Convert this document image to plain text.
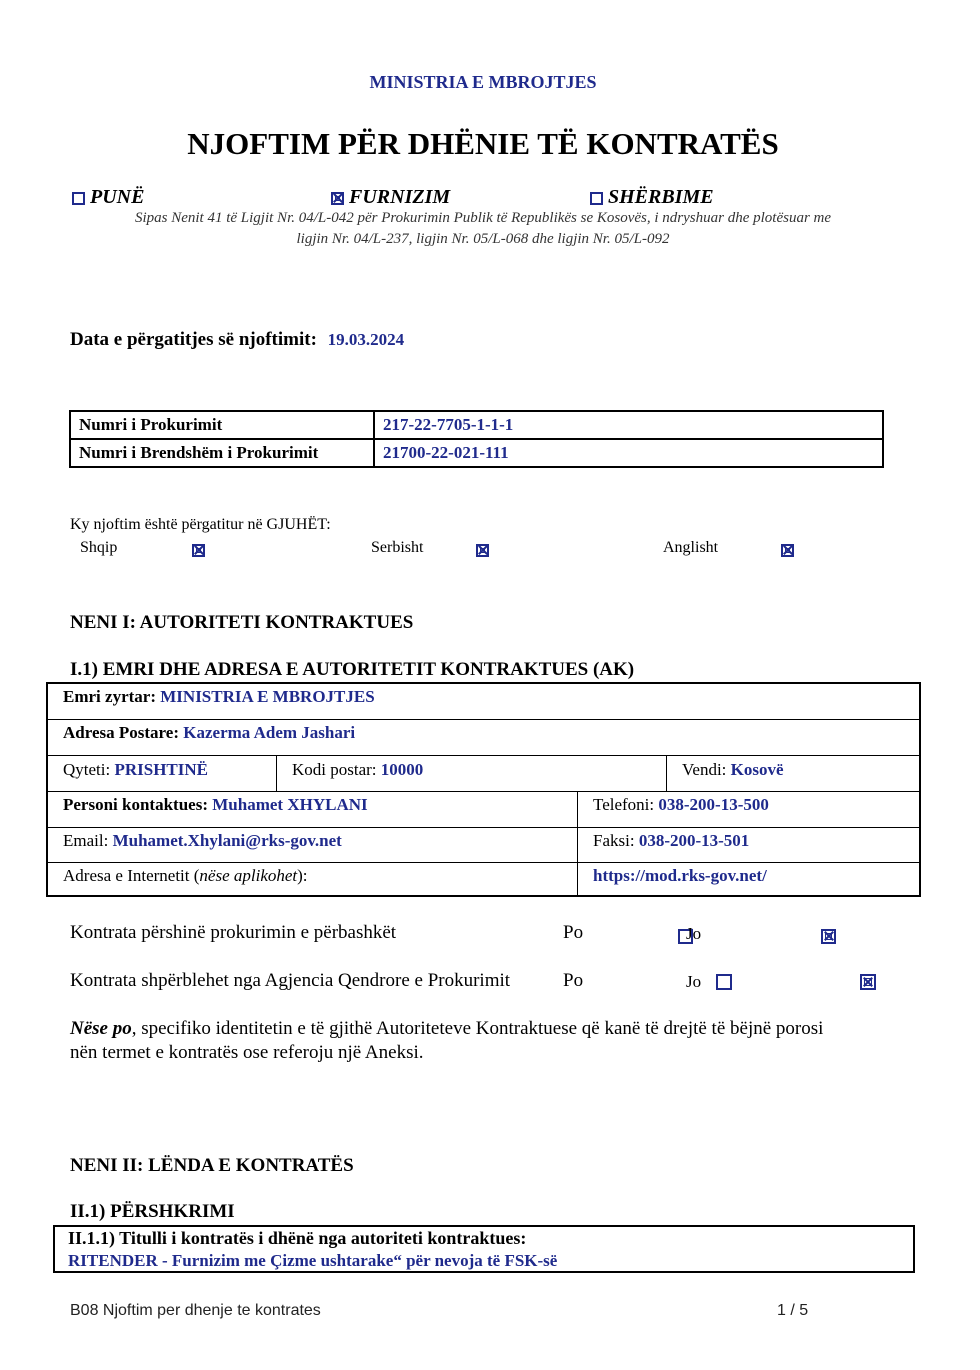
MINISTRIA E MBROJTJES
NJOFTIM PËR DHËNIE TË KONTRATËS
PUNË	FURNIZIM	SHËRBIME
Sipas Nenit 41 të Ligjit Nr. 04/L-042 për Prokurimin Publik të Republikës se Kosovës, i ndryshuar dhe plotësuar me
ligjin Nr. 04/L-237, ligjin Nr. 05/L-068 dhe ligjin Nr. 05/L-092
Data e përgatitjes së njoftimit: 19.03.2024
Numri i Prokurimit	217-22-7705-1-1-1
Numri i Brendshëm i Prokurimit	21700-22-021-111
Ky njoftim është përgatitur në GJUHËT:
Shqip
	Serbisht
	Anglisht

NENI I: AUTORITETI KONTRAKTUES
I.1) EMRI DHE ADRESA E AUTORITETIT KONTRAKTUES (AK)
Emri zyrtar: MINISTRIA E MBROJTJES
Adresa Postare: Kazerma Adem Jashari
Qyteti: PRISHTINË	Kodi postar: 10000	Vendi: Kosovë
Personi kontaktues: Muhamet XHYLANI	Telefoni: 038-200-13-500
Email: Muhamet.Xhylani@rks-gov.net	Faksi: 038-200-13-501
Adresa e Internetit (nëse aplikohet):	https://mod.rks-gov.net/
Kontrata përshinë prokurimin e përbashkët	Po
	Jo

Kontrata shpërblehet nga Agjencia Qendrore e Prokurimit	Po
	Jo
Nëse po, specifiko identitetin e të gjithë Autoriteteve Kontraktuese që kanë të drejtë të bëjnë porosi
nën termet e kontratës ose referoju një Aneksi.
NENI II: LËNDA E KONTRATËS
II.1) PËRSHKRIMI
II.1.1) Titulli i kontratës i dhënë nga autoriteti kontraktues:
RITENDER - Furnizim me Çizme ushtarake“ për nevoja të FSK-së
B08 Njoftim per dhenje te kontrates	1 / 5
